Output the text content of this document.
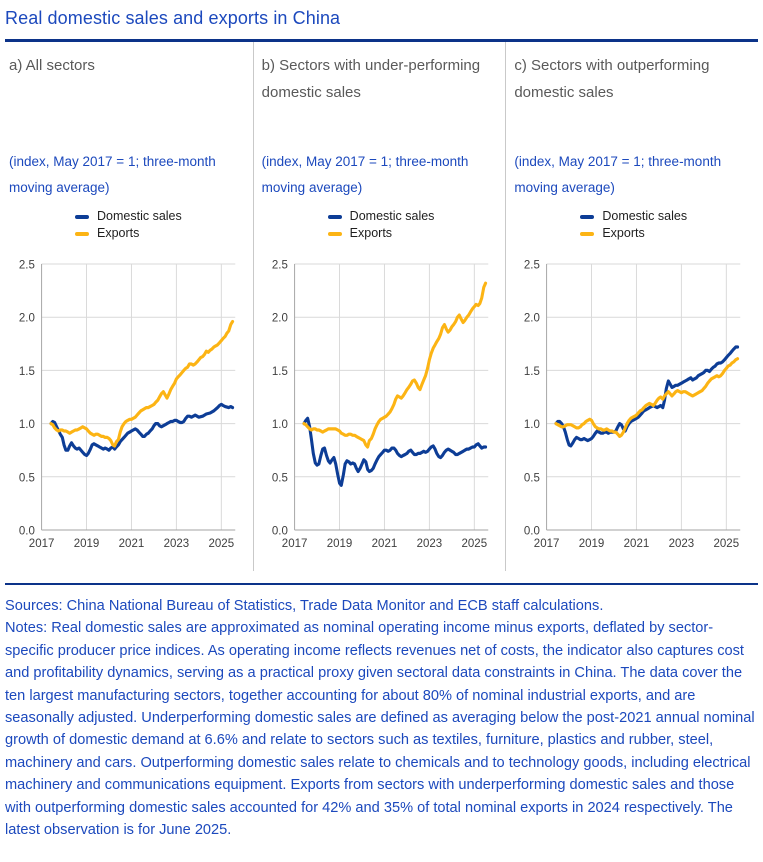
Real domestic sales and exports in China
a) All sectors

(index, May 2017 = 1; three-month moving average)

Domestic sales
Exports
0.0
0.5
1.0
1.5
2.0
2.5
2017 2019 2021 2023 2025
b) Sectors with under-performing domestic sales

(index, May 2017 = 1; three-month moving average)

Domestic sales
Exports
0.0
0.5
1.0
1.5
2.0
2.5
2017 2019 2021 2023 2025
c) Sectors with outperforming domestic sales

(index, May 2017 = 1; three-month moving average)

Domestic sales
Exports
0.0
0.5
1.0
1.5
2.0
2.5
2017 2019 2021 2023 2025

Sources: China National Bureau of Statistics, Trade Data Monitor and ECB staff calculations.

Notes: Real domestic sales are approximated as nominal operating income minus exports, deflated by sector-specific producer price indices. As operating income reflects revenues net of costs, the indicator also captures cost and profitability dynamics, serving as a practical proxy given sectoral data constraints in China. The data cover the ten largest manufacturing sectors, together accounting for about 80% of nominal industrial exports, and are seasonally adjusted. Underperforming domestic sales are defined as averaging below the post-2021 annual nominal growth of domestic demand at 6.6% and relate to sectors such as textiles, furniture, plastics and rubber, steel, machinery and cars. Outperforming domestic sales relate to chemicals and to technology goods, including electrical machinery and communications equipment. Exports from sectors with underperforming domestic sales and those with outperforming domestic sales accounted for 42% and 35% of total nominal exports in 2024 respectively. The latest observation is for June 2025.
